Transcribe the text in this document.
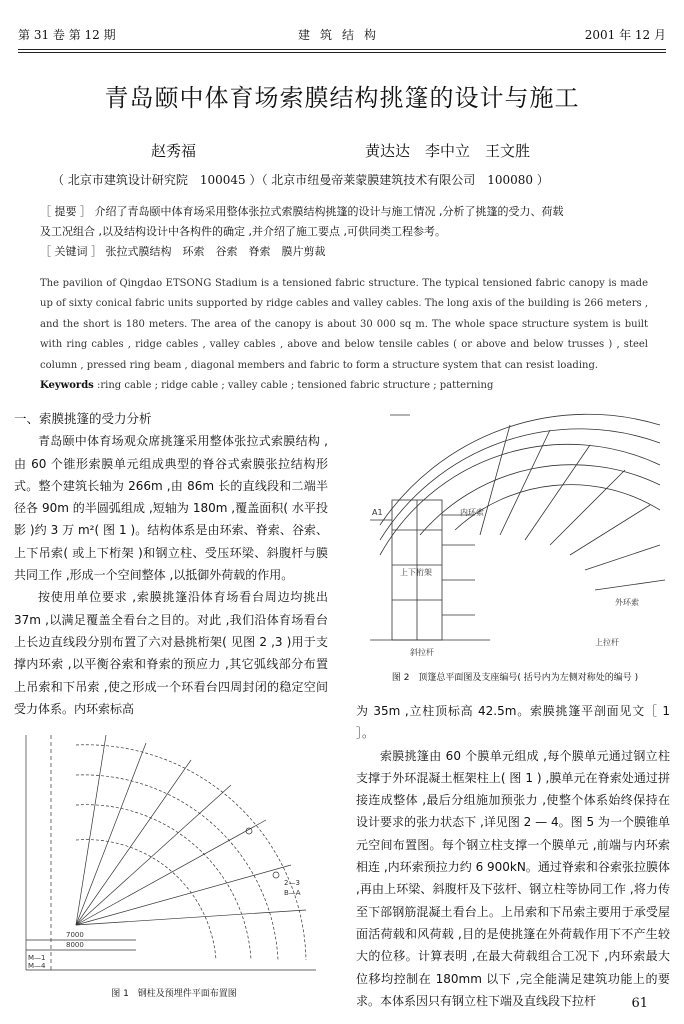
第 31 卷 第 12 期	建筑结构	2001 年 12 月
青岛颐中体育场索膜结构挑篷的设计与施工
赵秀福	黄达达　李中立　王文胜
（ 北京市建筑设计研究院　100045 ）（ 北京市纽曼帝莱蒙膜建筑技术有限公司　100080 ）
［ 提要 ］ 介绍了青岛颐中体育场采用整体张拉式索膜结构挑篷的设计与施工情况 ,分析了挑篷的受力、荷载
及工况组合 ,以及结构设计中各构件的确定 ,并介绍了施工要点 ,可供同类工程参考。
［ 关键词 ］ 张拉式膜结构　环索　谷索　脊索　膜片剪裁
The pavilion of Qingdao ETSONG Stadium is a tensioned fabric structure. The typical tensioned fabric canopy is made up of sixty conical fabric units supported by ridge cables and valley cables. The long axis of the building is 266 meters , and the short is 180 meters. The area of the canopy is about 30 000 sq m. The whole space structure system is built with ring cables , ridge cables , valley cables , above and below tensile cables ( or above and below trusses ) , steel column , pressed ring beam , diagonal members and fabric to form a structure system that can resist loading.
Keywords :ring cable ; ridge cable ; valley cable ; tensioned fabric structure ; patterning

一、索膜挑篷的受力分析

青岛颐中体育场观众席挑篷采用整体张拉式索膜结构 ,由 60 个锥形索膜单元组成典型的脊谷式索膜张拉结构形式。整个建筑长轴为 266m ,由 86m 长的直线段和二端半径各 90m 的半圆弧组成 ,短轴为 180m ,覆盖面积( 水平投影 )约 3 万 m²( 图 1 )。结构体系是由环索、脊索、谷索、上下吊索( 或上下桁架 )和钢立柱、受压环梁、斜腹杆与膜共同工作 ,形成一个空间整体 ,以抵御外荷载的作用。

按使用单位要求 ,索膜挑篷沿体育场看台周边均挑出 37m ,以满足覆盖全看台之目的。对此 ,我们沿体育场看台上长边直线段分别布置了六对悬挑桁架( 见图 2 ,3 )用于支撑内环索 ,以平衡谷索和脊索的预应力 ,其它弧线部分布置上吊索和下吊索 ,使之形成一个环看台四周封闭的稳定空间受力体系。内环索标高

A1
上下桁架
斜拉杆
内环索
外环索
上拉杆
图 2　顶篷总平面图及支座编号( 括号内为左侧对称处的编号 )

为 35m ,立柱顶标高 42.5m。索膜挑篷平剖面见文［ 1 ］。

索膜挑篷由 60 个膜单元组成 ,每个膜单元通过钢立柱支撑于外环混凝土框架柱上( 图 1 ) ,膜单元在脊索处通过拼接连成整体 ,最后分组施加预张力 ,使整个体系始终保持在设计要求的张力状态下 ,详见图 2 — 4。图 5 为一个膜锥单元空间布置图。每个钢立柱支撑一个膜单元 ,前端与内环索相连 ,内环索预拉力约 6 900kN。通过脊索和谷索张拉膜体 ,再由上环梁、斜腹杆及下弦杆、钢立柱等协同工作 ,将力传至下部钢筋混凝土看台上。上吊索和下吊索主要用于承受屋面活荷载和风荷载 ,目的是使挑篷在外荷载作用下不产生较大的位移。计算表明 ,在最大荷载组合工况下 ,内环索最大位移均控制在 180mm 以下 ,完全能满足建筑功能上的要求。本体系因只有钢立柱下端及直线段下拉杆

M—1
M—4
7000
8000
2—3
B—A
图 1　钢柱及预埋件平面布置图
61
